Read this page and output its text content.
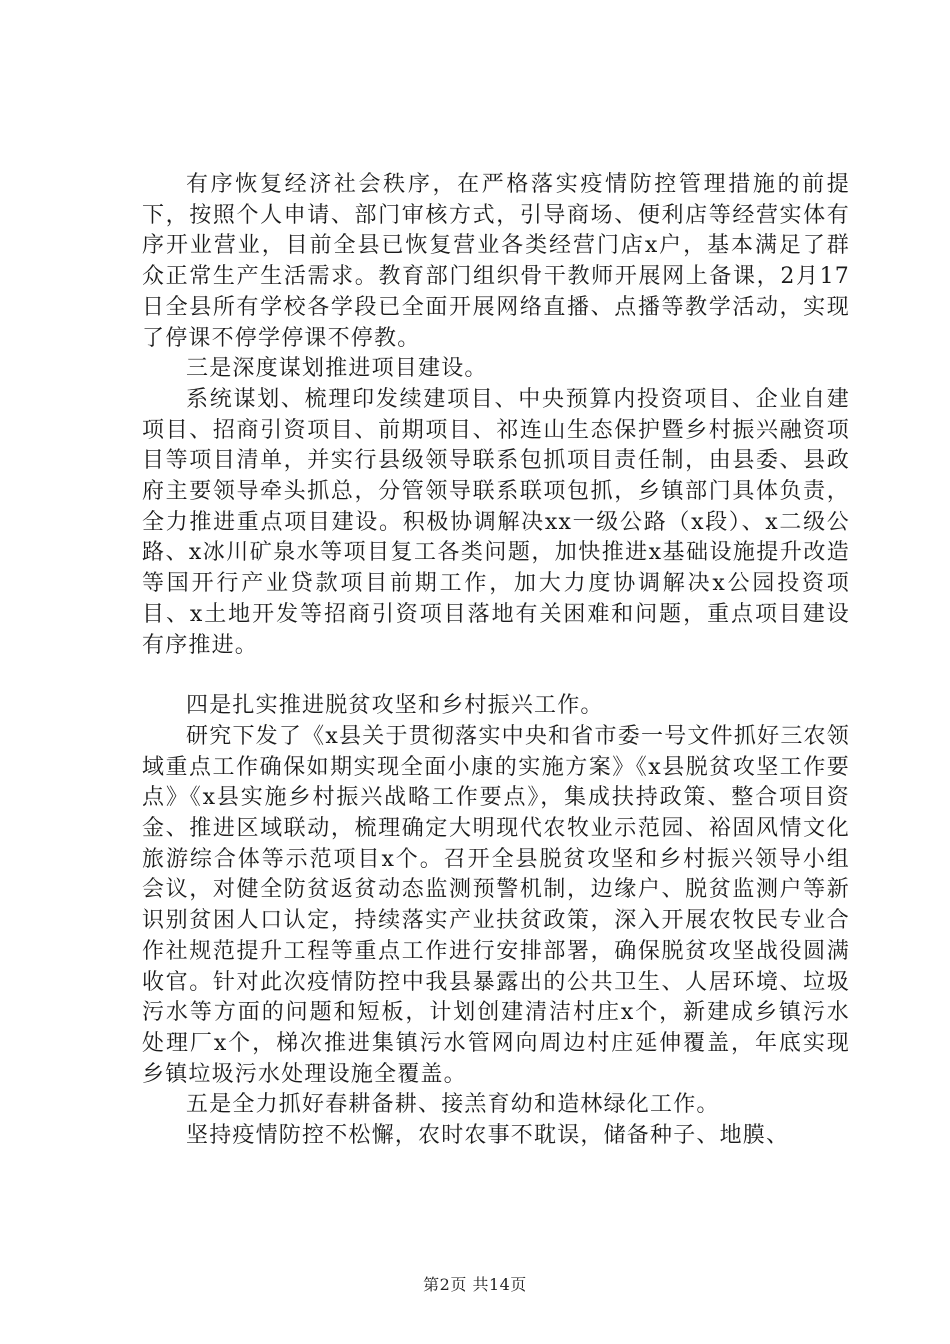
有序恢复经济社会秩序，在严格落实疫情防控管理措施的前提下，按照个人申请、部门审核方式，引导商场、便利店等经营实体有序开业营业，目前全县已恢复营业各类经营门店x户，基本满足了群众正常生产生活需求。教育部门组织骨干教师开展网上备课，2月17日全县所有学校各学段已全面开展网络直播、点播等教学活动，实现了停课不停学停课不停教。

三是深度谋划推进项目建设。

系统谋划、梳理印发续建项目、中央预算内投资项目、企业自建项目、招商引资项目、前期项目、祁连山生态保护暨乡村振兴融资项目等项目清单，并实行县级领导联系包抓项目责任制，由县委、县政府主要领导牵头抓总，分管领导联系联项包抓，乡镇部门具体负责，全力推进重点项目建设。积极协调解决xx一级公路（x段）、x二级公路、x冰川矿泉水等项目复工各类问题，加快推进x基础设施提升改造等国开行产业贷款项目前期工作，加大力度协调解决x公园投资项目、x土地开发等招商引资项目落地有关困难和问题，重点项目建设有序推进。

四是扎实推进脱贫攻坚和乡村振兴工作。

研究下发了《x县关于贯彻落实中央和省市委一号文件抓好三农领域重点工作确保如期实现全面小康的实施方案》《x县脱贫攻坚工作要点》《x县实施乡村振兴战略工作要点》，集成扶持政策、整合项目资金、推进区域联动，梳理确定大明现代农牧业示范园、裕固风情文化旅游综合体等示范项目x个。召开全县脱贫攻坚和乡村振兴领导小组会议，对健全防贫返贫动态监测预警机制，边缘户、脱贫监测户等新识别贫困人口认定，持续落实产业扶贫政策，深入开展农牧民专业合作社规范提升工程等重点工作进行安排部署，确保脱贫攻坚战役圆满收官。针对此次疫情防控中我县暴露出的公共卫生、人居环境、垃圾污水等方面的问题和短板，计划创建清洁村庄x个，新建成乡镇污水处理厂x个，梯次推进集镇污水管网向周边村庄延伸覆盖，年底实现乡镇垃圾污水处理设施全覆盖。

五是全力抓好春耕备耕、接羔育幼和造林绿化工作。

坚持疫情防控不松懈，农时农事不耽误，储备种子、地膜、

第2页 共14页
